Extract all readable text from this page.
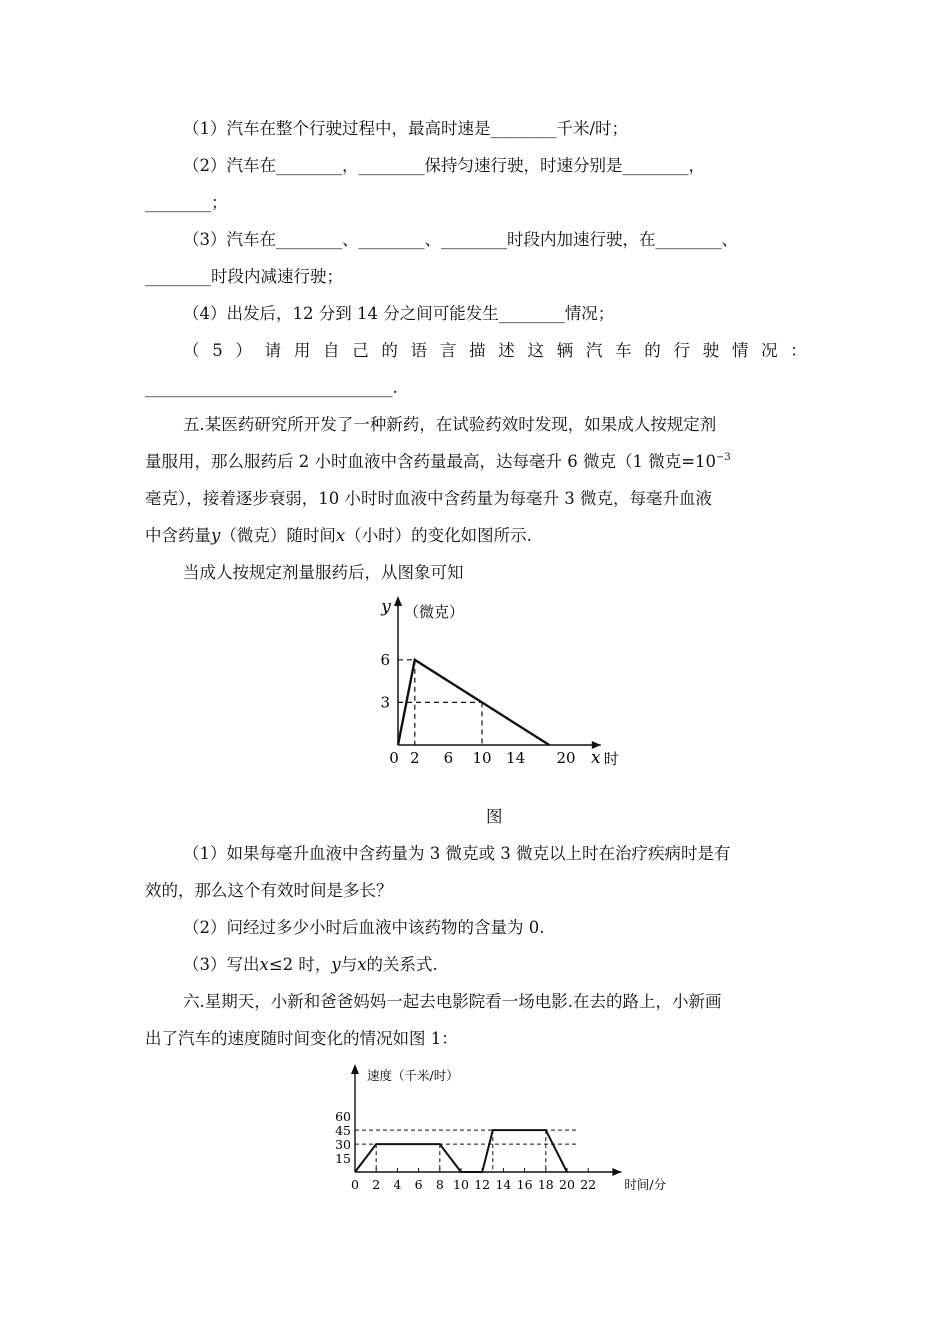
（1）汽车在整个行驶过程中，最高时速是________千米/时；
（2）汽车在________，________保持匀速行驶，时速分别是________，
________；
（3）汽车在________、________、________时段内加速行驶，在________、
________时段内减速行驶；
（4）出发后，12 分到 14 分之间可能发生________情况；
（ 5 ） 请 用 自 己 的 语 言 描 述 这 辆 汽 车 的 行 驶 情 况 ：
______________________________.
五.某医药研究所开发了一种新药，在试验药效时发现，如果成人按规定剂
量服用，那么服药后 2 小时血液中含药量最高，达每毫升 6 微克（1 微克$=10^{-3}$
毫克），接着逐步衰弱，10 小时时血液中含药量为每毫升 3 微克，每毫升血液
中含药量y（微克）随时间x（小时）的变化如图所示.
当成人按规定剂量服药后，从图象可知
0 2 6 10 14 20
3
6
y （微克）
x 时
图
（1）如果每毫升血液中含药量为 3 微克或 3 微克以上时在治疗疾病时是有
效的，那么这个有效时间是多长？
（2）问经过多少小时后血液中该药物的含量为 0.
（3）写出x≤2 时，y与x的关系式.
六.星期天，小新和爸爸妈妈一起去电影院看一场电影.在去的路上，小新画
出了汽车的速度随时间变化的情况如图 1：
0 2 4 6 8 10 12 14 16 18 20 22
15
30
45
60
速度（千米/时）
时间/分
